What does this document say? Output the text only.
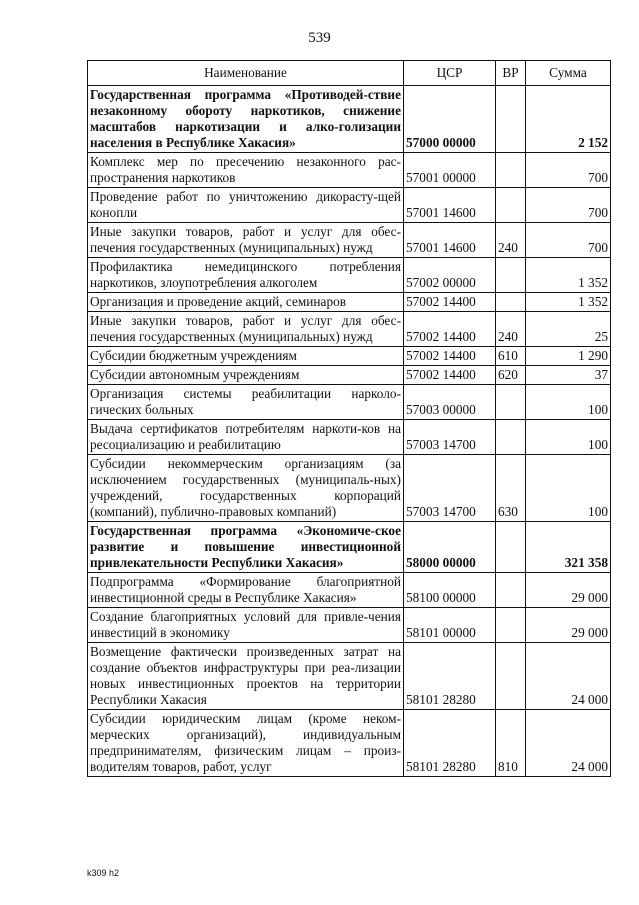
539
Наименование	ЦСР	ВР	Сумма
Государственная программа «Противодей-ствие незаконному обороту наркотиков, снижение масштабов наркотизации и алко-голизации населения в Республике Хакасия»	57000 00000		2 152
Комплекс мер по пресечению незаконного рас-пространения наркотиков	57001 00000		700
Проведение работ по уничтожению дикорасту-щей конопли	57001 14600		700
Иные закупки товаров, работ и услуг для обес-печения государственных (муниципальных) нужд	57001 14600	240	700
Профилактика немедицинского потребления наркотиков, злоупотребления алкоголем	57002 00000		1 352
Организация и проведение акций, семинаров	57002 14400		1 352
Иные закупки товаров, работ и услуг для обес-печения государственных (муниципальных) нужд	57002 14400	240	25
Субсидии бюджетным учреждениям	57002 14400	610	1 290
Субсидии автономным учреждениям	57002 14400	620	37
Организация системы реабилитации нарколо-гических больных	57003 00000		100
Выдача сертификатов потребителям наркоти-ков на ресоциализацию и реабилитацию	57003 14700		100
Субсидии некоммерческим организациям (за исключением государственных (муниципаль-ных) учреждений, государственных корпораций (компаний), публично-правовых компаний)	57003 14700	630	100
Государственная программа «Экономиче-ское развитие и повышение инвестиционной привлекательности Республики Хакасия»	58000 00000		321 358
Подпрограмма «Формирование благоприятной инвестиционной среды в Республике Хакасия»	58100 00000		29 000
Создание благоприятных условий для привле-чения инвестиций в экономику	58101 00000		29 000
Возмещение фактически произведенных затрат на создание объектов инфраструктуры при реа-лизации новых инвестиционных проектов на территории Республики Хакасия	58101 28280		24 000
Субсидии юридическим лицам (кроме неком-мерческих организаций), индивидуальным предпринимателям, физическим лицам – произ-водителям товаров, работ, услуг	58101 28280	810	24 000
k309 h2
